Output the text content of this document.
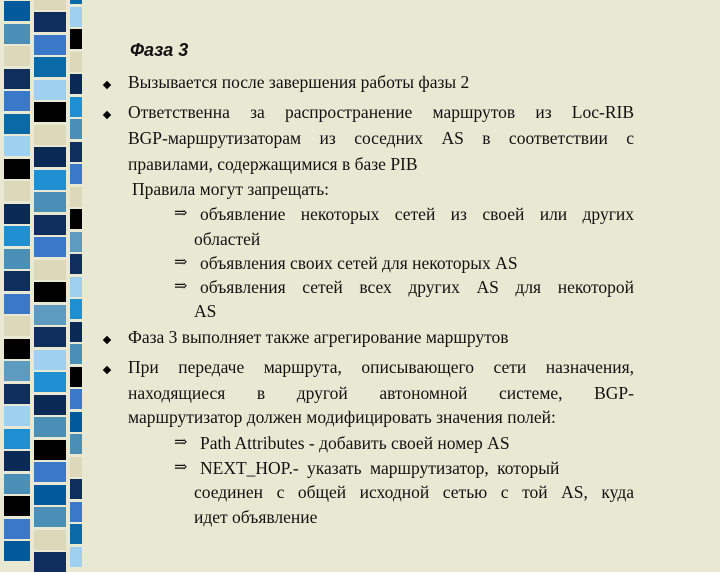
Фаза 3
Вызывается после завершения работы фазы 2
Ответственна за распространение маршрутов из Loc-RIB
BGP-маршрутизаторам из соседних AS в соответствии с
правилами, содержащимися в базе PIB
Правила могут запрещать:
⇒ объявление некоторых сетей из своей или других
областей
⇒ объявления своих сетей для некоторых AS
⇒ объявления сетей всех других AS для некоторой
AS
Фаза 3 выполняет также агрегирование маршрутов
При передаче маршрута, описывающего сети назначения,
находящиеся в другой автономной системе, BGP-
маршрутизатор должен модифицировать значения полей:
⇒ Path Attributes - добавить своей номер AS
⇒ NEXT_HOP.- указать маршрутизатор, который
соединен с общей исходной сетью с той AS, куда
идет объявление
